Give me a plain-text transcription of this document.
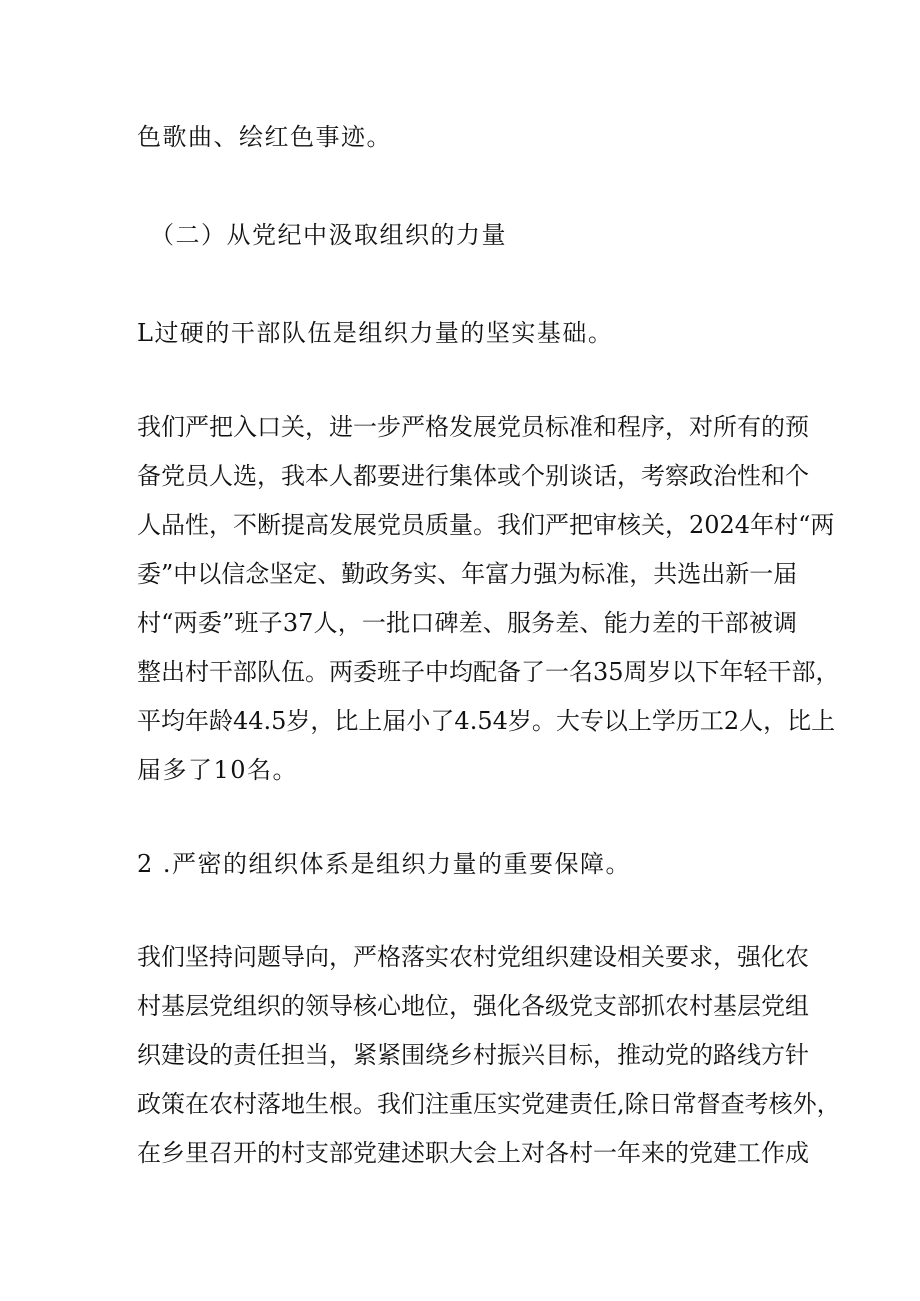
色歌曲、绘红色事迹。
（二）从党纪中汲取组织的力量
L过硬的干部队伍是组织力量的坚实基础。
我们严把入口关，进一步严格发展党员标准和程序，对所有的预
备党员人选，我本人都要进行集体或个别谈话，考察政治性和个
人品性，不断提高发展党员质量。我们严把审核关，2024年村“两
委”中以信念坚定、勤政务实、年富力强为标准，共选出新一届
村“两委”班子37人，一批口碑差、服务差、能力差的干部被调
整出村干部队伍。两委班子中均配备了一名35周岁以下年轻干部，
平均年龄44.5岁，比上届小了4.54岁。大专以上学历工2人，比上
届多了10名。
2 .严密的组织体系是组织力量的重要保障。
我们坚持问题导向，严格落实农村党组织建设相关要求，强化农
村基层党组织的领导核心地位，强化各级党支部抓农村基层党组
织建设的责任担当，紧紧围绕乡村振兴目标，推动党的路线方针
政策在农村落地生根。我们注重压实党建责任,除日常督查考核外，
在乡里召开的村支部党建述职大会上对各村一年来的党建工作成
